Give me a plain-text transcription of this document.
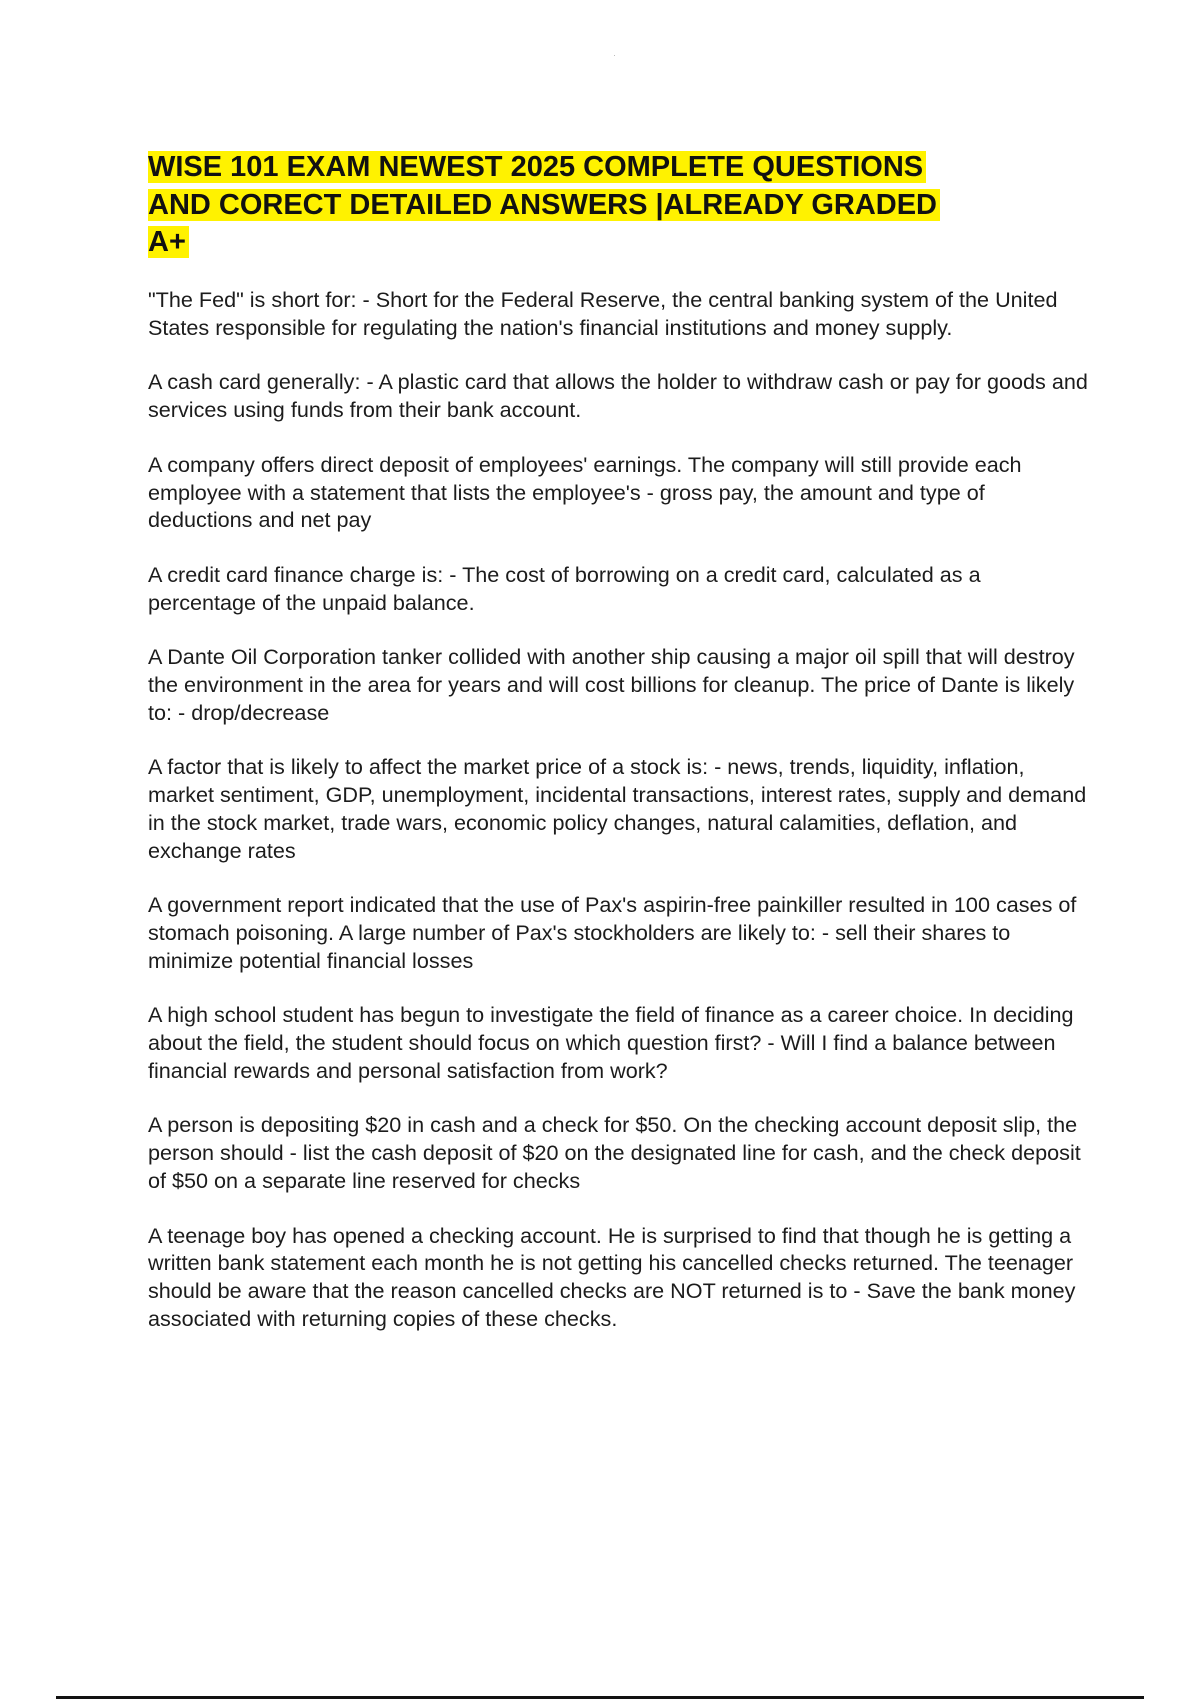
WISE 101 EXAM NEWEST 2025 COMPLETE QUESTIONS AND CORECT DETAILED ANSWERS |ALREADY GRADED A+

"The Fed" is short for: - Short for the Federal Reserve, the central banking system of the United States responsible for regulating the nation's financial institutions and money supply.

A cash card generally: - A plastic card that allows the holder to withdraw cash or pay for goods and services using funds from their bank account.

A company offers direct deposit of employees' earnings. The company will still provide each employee with a statement that lists the employee's - gross pay, the amount and type of deductions and net pay

A credit card finance charge is: - The cost of borrowing on a credit card, calculated as a percentage of the unpaid balance.

A Dante Oil Corporation tanker collided with another ship causing a major oil spill that will destroy the environment in the area for years and will cost billions for cleanup. The price of Dante is likely to: - drop/decrease

A factor that is likely to affect the market price of a stock is: - news, trends, liquidity, inflation, market sentiment, GDP, unemployment, incidental transactions, interest rates, supply and demand in the stock market, trade wars, economic policy changes, natural calamities, deflation, and exchange rates

A government report indicated that the use of Pax's aspirin-free painkiller resulted in 100 cases of stomach poisoning. A large number of Pax's stockholders are likely to: - sell their shares to minimize potential financial losses

A high school student has begun to investigate the field of finance as a career choice. In deciding about the field, the student should focus on which question first? - Will I find a balance between financial rewards and personal satisfaction from work?

A person is depositing $20 in cash and a check for $50. On the checking account deposit slip, the person should - list the cash deposit of $20 on the designated line for cash, and the check deposit of $50 on a separate line reserved for checks

A teenage boy has opened a checking account. He is surprised to find that though he is getting a written bank statement each month he is not getting his cancelled checks returned. The teenager should be aware that the reason cancelled checks are NOT returned is to - Save the bank money associated with returning copies of these checks.
